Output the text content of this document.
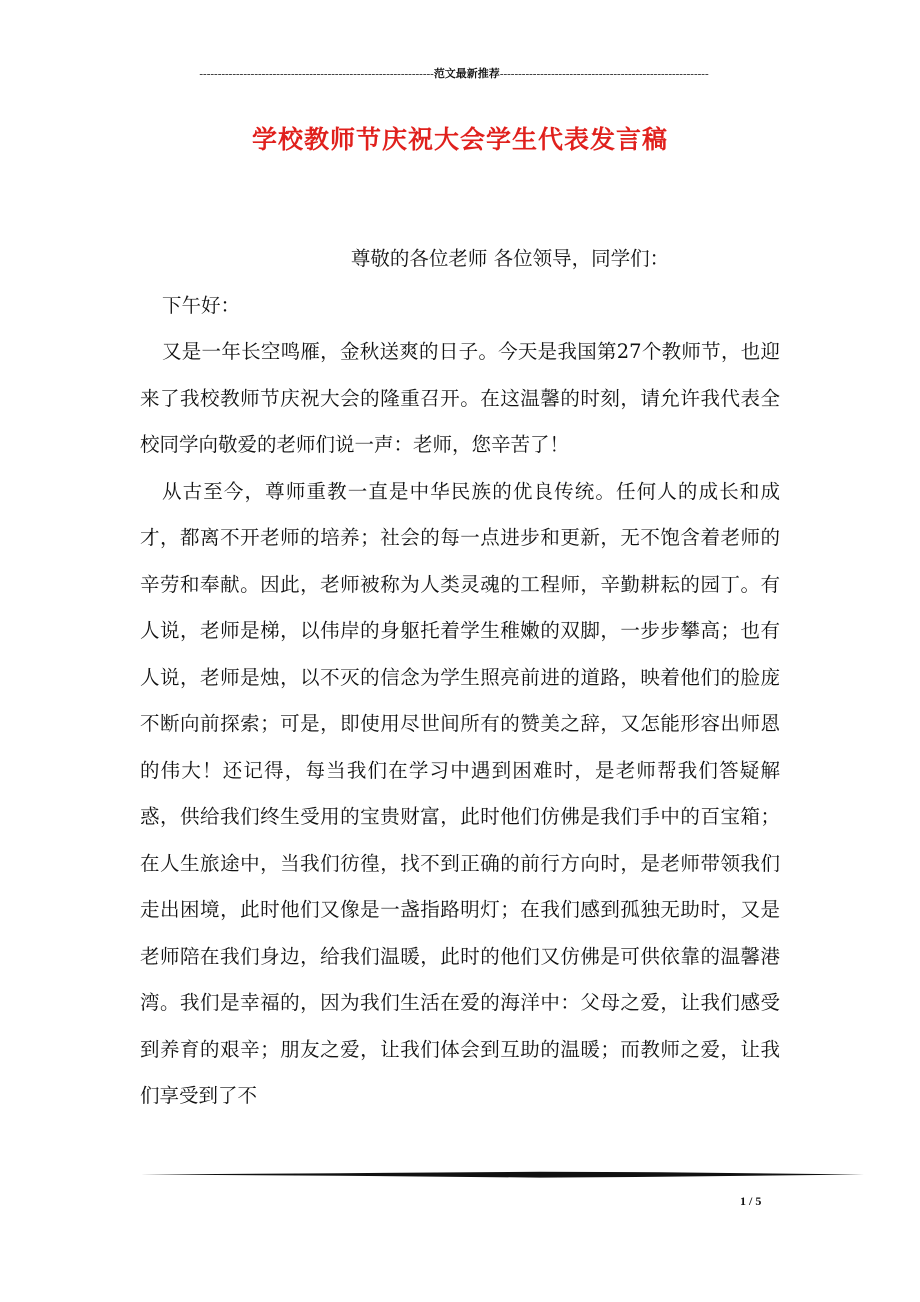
----------------------------------------------------------------范文最新推荐---------------------------------------------------------
学校教师节庆祝大会学生代表发言稿

尊敬的各位老师 各位领导，同学们：

下午好：

又是一年长空鸣雁，金秋送爽的日子。今天是我国第27个教师节，也迎来了我校教师节庆祝大会的隆重召开。在这温馨的时刻，请允许我代表全校同学向敬爱的老师们说一声：老师，您辛苦了！

从古至今，尊师重教一直是中华民族的优良传统。任何人的成长和成才，都离不开老师的培养；社会的每一点进步和更新，无不饱含着老师的辛劳和奉献。因此，老师被称为人类灵魂的工程师，辛勤耕耘的园丁。有人说，老师是梯，以伟岸的身躯托着学生稚嫩的双脚，一步步攀高；也有人说，老师是烛，以不灭的信念为学生照亮前进的道路，映着他们的脸庞不断向前探索；可是，即使用尽世间所有的赞美之辞，又怎能形容出师恩的伟大！还记得，每当我们在学习中遇到困难时，是老师帮我们答疑解惑，供给我们终生受用的宝贵财富，此时他们仿佛是我们手中的百宝箱；在人生旅途中，当我们彷徨，找不到正确的前行方向时，是老师带领我们走出困境，此时他们又像是一盏指路明灯；在我们感到孤独无助时，又是老师陪在我们身边，给我们温暖，此时的他们又仿佛是可供依靠的温馨港湾。我们是幸福的，因为我们生活在爱的海洋中：父母之爱，让我们感受到养育的艰辛；朋友之爱，让我们体会到互助的温暖；而教师之爱，让我们享受到了不

1 / 5
